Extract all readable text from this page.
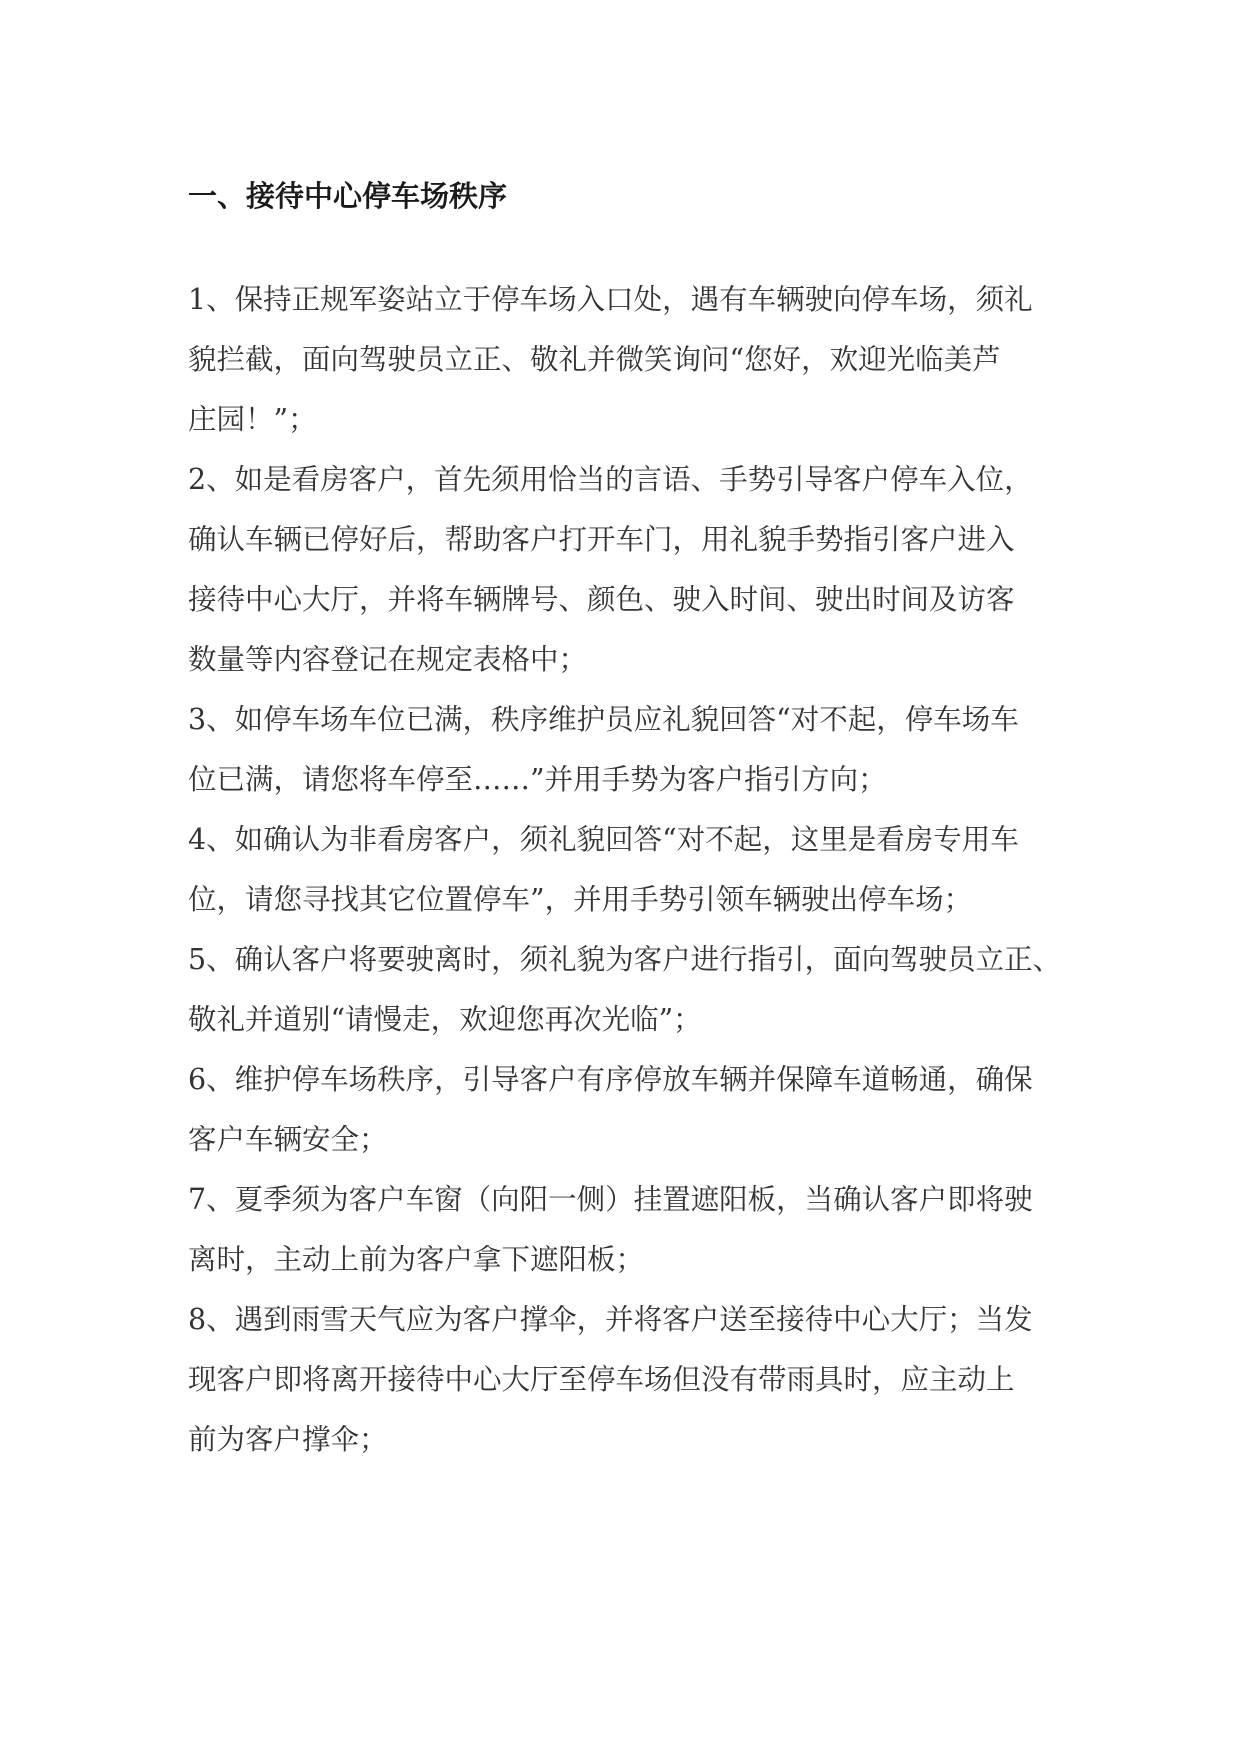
一、接待中心停车场秩序
1、保持正规军姿站立于停车场入口处，遇有车辆驶向停车场，须礼
貌拦截，面向驾驶员立正、敬礼并微笑询问“您好，欢迎光临美芦
庄园！”；
2、如是看房客户，首先须用恰当的言语、手势引导客户停车入位，
确认车辆已停好后，帮助客户打开车门，用礼貌手势指引客户进入
接待中心大厅，并将车辆牌号、颜色、驶入时间、驶出时间及访客
数量等内容登记在规定表格中；
3、如停车场车位已满，秩序维护员应礼貌回答“对不起，停车场车
位已满，请您将车停至……”并用手势为客户指引方向；
4、如确认为非看房客户，须礼貌回答“对不起，这里是看房专用车
位，请您寻找其它位置停车”，并用手势引领车辆驶出停车场；
5、确认客户将要驶离时，须礼貌为客户进行指引，面向驾驶员立正、
敬礼并道别“请慢走，欢迎您再次光临”；
6、维护停车场秩序，引导客户有序停放车辆并保障车道畅通，确保
客户车辆安全；
7、夏季须为客户车窗（向阳一侧）挂置遮阳板，当确认客户即将驶
离时，主动上前为客户拿下遮阳板；
8、遇到雨雪天气应为客户撑伞，并将客户送至接待中心大厅；当发
现客户即将离开接待中心大厅至停车场但没有带雨具时，应主动上
前为客户撑伞；
